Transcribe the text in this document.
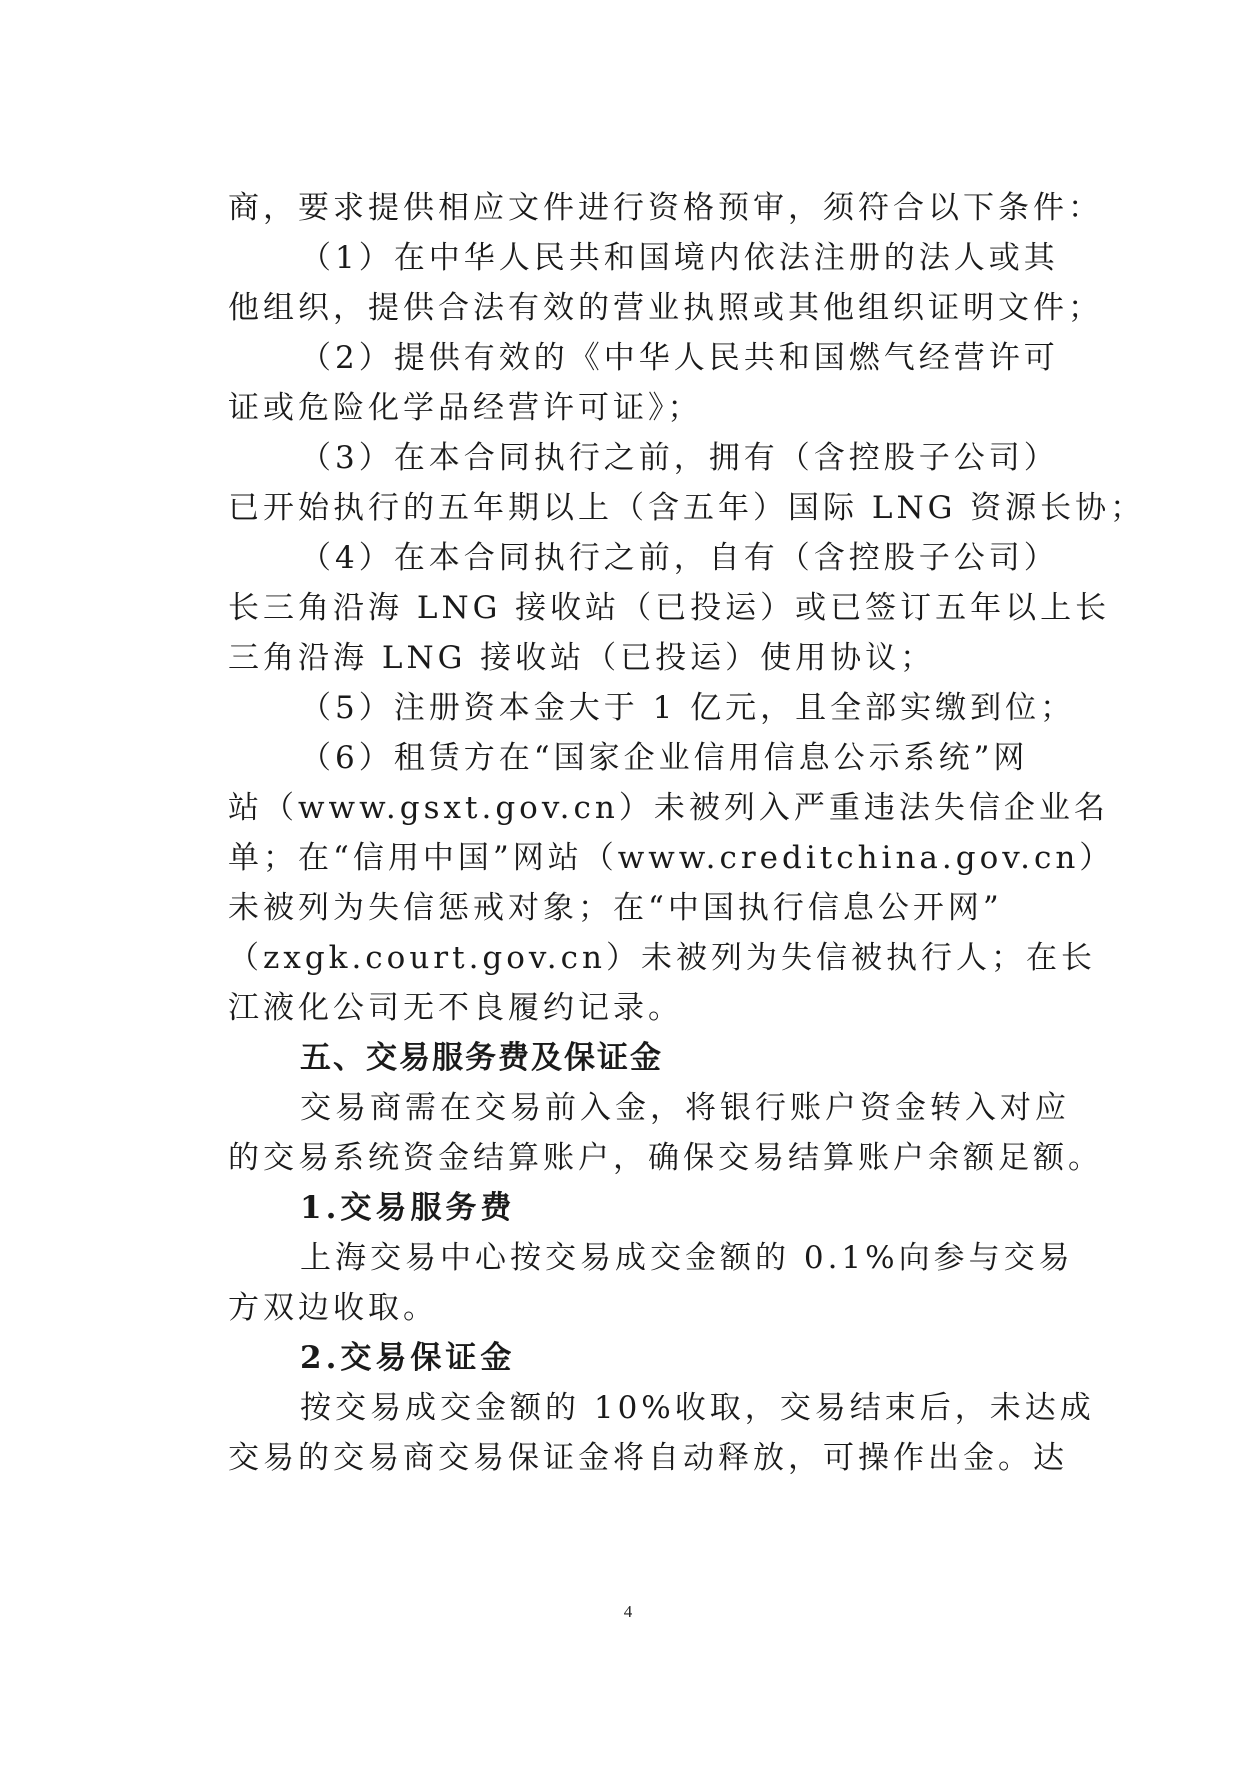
商，要求提供相应文件进行资格预审，须符合以下条件：
（1）在中华人民共和国境内依法注册的法人或其
他组织，提供合法有效的营业执照或其他组织证明文件；
（2）提供有效的《中华人民共和国燃气经营许可
证或危险化学品经营许可证》；
（3）在本合同执行之前，拥有（含控股子公司）
已开始执行的五年期以上（含五年）国际 LNG 资源长协；
（4）在本合同执行之前，自有（含控股子公司）
长三角沿海 LNG 接收站（已投运）或已签订五年以上长
三角沿海 LNG 接收站（已投运）使用协议；
（5）注册资本金大于 1 亿元，且全部实缴到位；
（6）租赁方在“国家企业信用信息公示系统”网
站（www.gsxt.gov.cn）未被列入严重违法失信企业名
单；在“信用中国”网站（www.creditchina.gov.cn）
未被列为失信惩戒对象；在“中国执行信息公开网”
（zxgk.court.gov.cn）未被列为失信被执行人；在长
江液化公司无不良履约记录。
五、交易服务费及保证金
交易商需在交易前入金，将银行账户资金转入对应
的交易系统资金结算账户，确保交易结算账户余额足额。
1.交易服务费
上海交易中心按交易成交金额的 0.1%向参与交易
方双边收取。
2.交易保证金
按交易成交金额的 10%收取，交易结束后，未达成
交易的交易商交易保证金将自动释放，可操作出金。达
4
